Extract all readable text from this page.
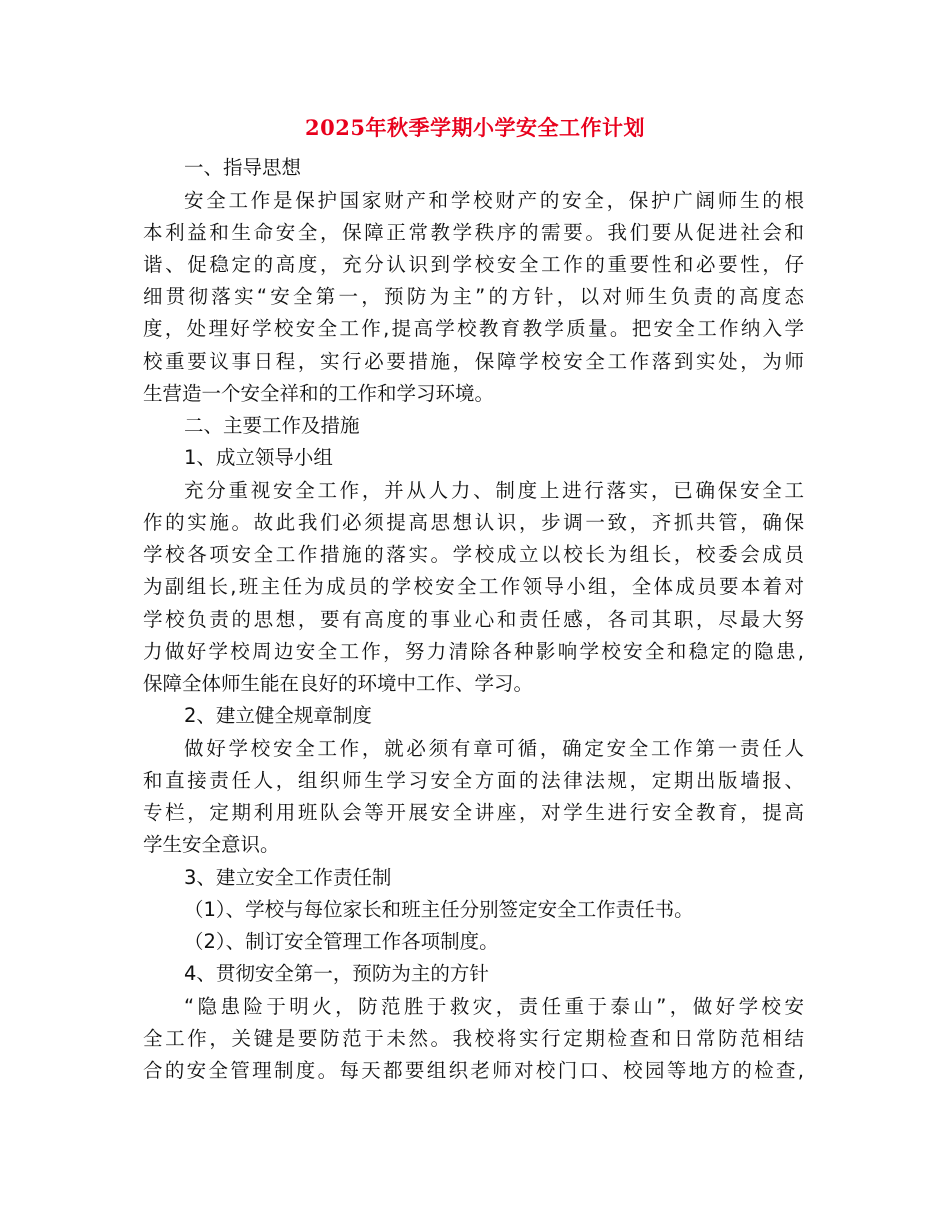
2025年秋季学期小学安全工作计划
一、指导思想
安全工作是保护国家财产和学校财产的安全，保护广阔师生的根
本利益和生命安全，保障正常教学秩序的需要。我们要从促进社会和
谐、促稳定的高度，充分认识到学校安全工作的重要性和必要性，仔
细贯彻落实“安全第一，预防为主”的方针，以对师生负责的高度态
度，处理好学校安全工作,提高学校教育教学质量。把安全工作纳入学
校重要议事日程，实行必要措施，保障学校安全工作落到实处，为师
生营造一个安全祥和的工作和学习环境。
二、主要工作及措施
1、成立领导小组
充分重视安全工作，并从人力、制度上进行落实，已确保安全工
作的实施。故此我们必须提高思想认识，步调一致，齐抓共管，确保
学校各项安全工作措施的落实。学校成立以校长为组长，校委会成员
为副组长,班主任为成员的学校安全工作领导小组，全体成员要本着对
学校负责的思想，要有高度的事业心和责任感，各司其职，尽最大努
力做好学校周边安全工作，努力清除各种影响学校安全和稳定的隐患,
保障全体师生能在良好的环境中工作、学习。
2、建立健全规章制度
做好学校安全工作，就必须有章可循，确定安全工作第一责任人
和直接责任人，组织师生学习安全方面的法律法规，定期出版墙报、
专栏，定期利用班队会等开展安全讲座，对学生进行安全教育，提高
学生安全意识。
3、建立安全工作责任制
（1）、学校与每位家长和班主任分别签定安全工作责任书。
（2）、制订安全管理工作各项制度。
4、贯彻安全第一，预防为主的方针
“隐患险于明火，防范胜于救灾，责任重于泰山”，做好学校安
全工作，关键是要防范于未然。我校将实行定期检查和日常防范相结
合的安全管理制度。每天都要组织老师对校门口、校园等地方的检查,
